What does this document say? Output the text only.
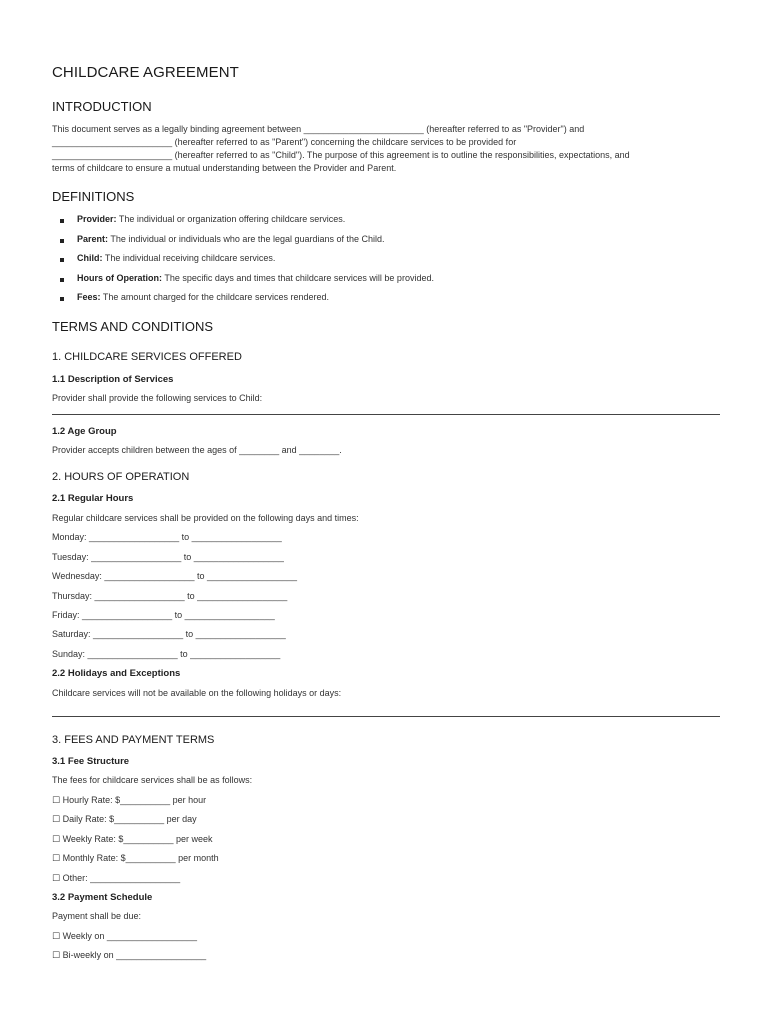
CHILDCARE AGREEMENT
INTRODUCTION
This document serves as a legally binding agreement between ________________________ (hereafter referred to as "Provider") and
________________________ (hereafter referred to as "Parent") concerning the childcare services to be provided for
________________________ (hereafter referred to as "Child"). The purpose of this agreement is to outline the responsibilities, expectations, and
terms of childcare to ensure a mutual understanding between the Provider and Parent.
DEFINITIONS
Provider: The individual or organization offering childcare services.
Parent: The individual or individuals who are the legal guardians of the Child.
Child: The individual receiving childcare services.
Hours of Operation: The specific days and times that childcare services will be provided.
Fees: The amount charged for the childcare services rendered.
TERMS AND CONDITIONS
1. CHILDCARE SERVICES OFFERED
1.1 Description of Services
Provider shall provide the following services to Child:
1.2 Age Group
Provider accepts children between the ages of ________ and ________.
2. HOURS OF OPERATION
2.1 Regular Hours
Regular childcare services shall be provided on the following days and times:
Monday: __________________ to __________________
Tuesday: __________________ to __________________
Wednesday: __________________ to __________________
Thursday: __________________ to __________________
Friday: __________________ to __________________
Saturday: __________________ to __________________
Sunday: __________________ to __________________
2.2 Holidays and Exceptions
Childcare services will not be available on the following holidays or days:
3. FEES AND PAYMENT TERMS
3.1 Fee Structure
The fees for childcare services shall be as follows:
☐ Hourly Rate: $__________ per hour
☐ Daily Rate: $__________ per day
☐ Weekly Rate: $__________ per week
☐ Monthly Rate: $__________ per month
☐ Other: __________________
3.2 Payment Schedule
Payment shall be due:
☐ Weekly on __________________
☐ Bi-weekly on __________________
